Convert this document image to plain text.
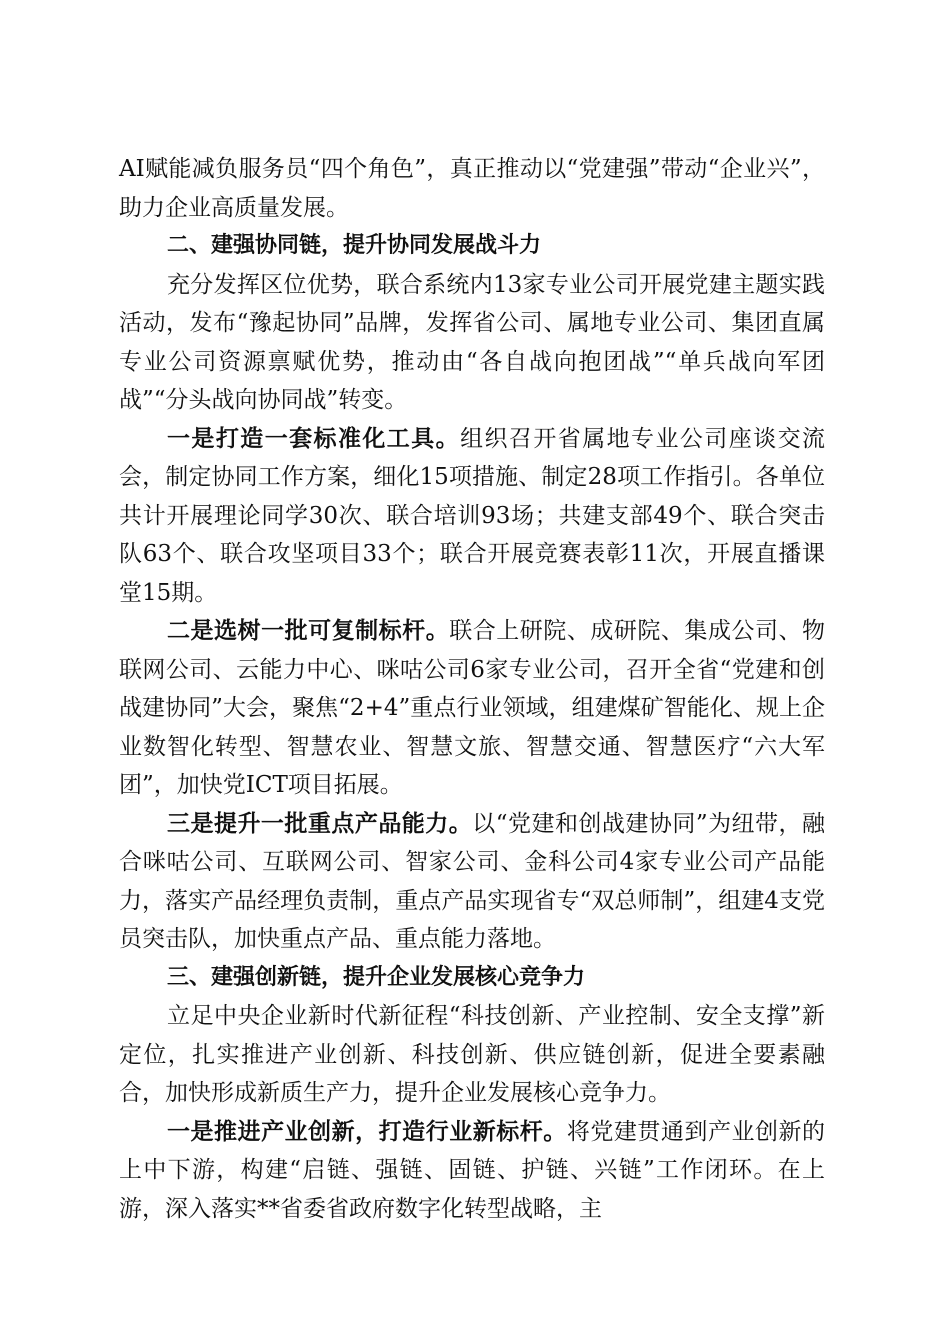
AI赋能减负服务员“四个角色”，真正推动以“党建强”带动“企业兴”，助力企业高质量发展。

二、建强协同链，提升协同发展战斗力

充分发挥区位优势，联合系统内13家专业公司开展党建主题实践活动，发布“豫起协同”品牌，发挥省公司、属地专业公司、集团直属专业公司资源禀赋优势，推动由“各自战向抱团战”“单兵战向军团战”“分头战向协同战”转变。

一是打造一套标准化工具。组织召开省属地专业公司座谈交流会，制定协同工作方案，细化15项措施、制定28项工作指引。各单位共计开展理论同学30次、联合培训93场；共建支部49个、联合突击队63个、联合攻坚项目33个；联合开展竞赛表彰11次，开展直播课堂15期。

二是选树一批可复制标杆。联合上研院、成研院、集成公司、物联网公司、云能力中心、咪咕公司6家专业公司，召开全省“党建和创战建协同”大会，聚焦“2+4”重点行业领域，组建煤矿智能化、规上企业数智化转型、智慧农业、智慧文旅、智慧交通、智慧医疗“六大军团”，加快党ICT项目拓展。

三是提升一批重点产品能力。以“党建和创战建协同”为纽带，融合咪咕公司、互联网公司、智家公司、金科公司4家专业公司产品能力，落实产品经理负责制，重点产品实现省专“双总师制”，组建4支党员突击队，加快重点产品、重点能力落地。

三、建强创新链，提升企业发展核心竞争力

立足中央企业新时代新征程“科技创新、产业控制、安全支撑”新定位，扎实推进产业创新、科技创新、供应链创新，促进全要素融合，加快形成新质生产力，提升企业发展核心竞争力。

一是推进产业创新，打造行业新标杆。将党建贯通到产业创新的上中下游，构建“启链、强链、固链、护链、兴链”工作闭环。在上游，深入落实**省委省政府数字化转型战略，主
